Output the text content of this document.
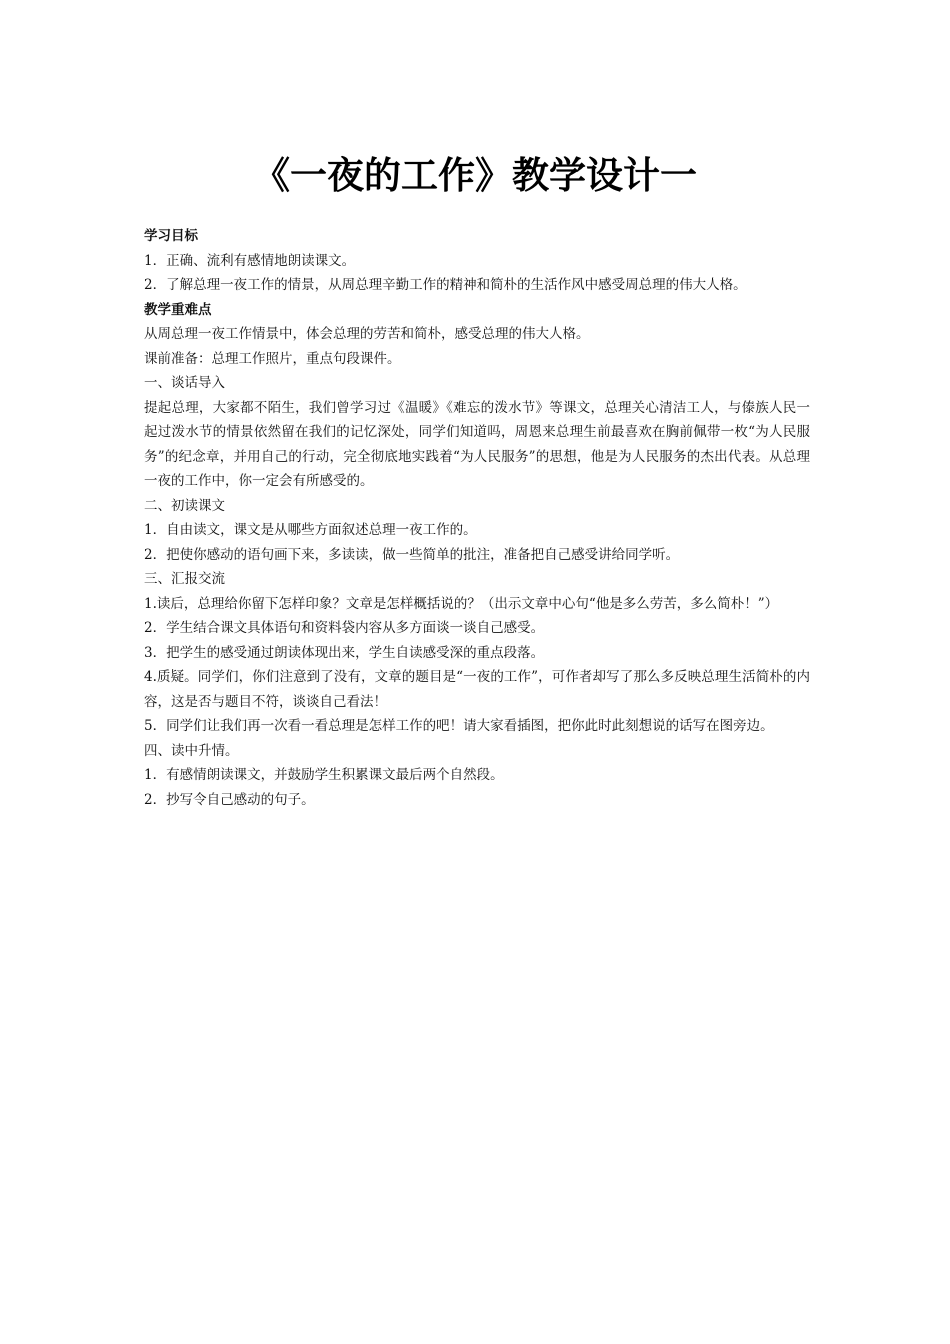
《一夜的工作》教学设计一

学习目标

1．正确、流利有感情地朗读课文。

2．了解总理一夜工作的情景，从周总理辛勤工作的精神和简朴的生活作风中感受周总理的伟大人格。

教学重难点

从周总理一夜工作情景中，体会总理的劳苦和简朴，感受总理的伟大人格。

课前准备：总理工作照片，重点句段课件。

一、谈话导入

提起总理，大家都不陌生，我们曾学习过《温暖》《难忘的泼水节》等课文，总理关心清洁工人，与傣族人民一起过泼水节的情景依然留在我们的记忆深处，同学们知道吗，周恩来总理生前最喜欢在胸前佩带一枚“为人民服务”的纪念章，并用自己的行动，完全彻底地实践着“为人民服务”的思想，他是为人民服务的杰出代表。从总理一夜的工作中，你一定会有所感受的。

二、初读课文

1．自由读文，课文是从哪些方面叙述总理一夜工作的。

2．把使你感动的语句画下来，多读读，做一些简单的批注，准备把自己感受讲给同学听。

三、汇报交流

1.读后，总理给你留下怎样印象？文章是怎样概括说的？（出示文章中心句“他是多么劳苦，多么简朴！”）

2．学生结合课文具体语句和资料袋内容从多方面谈一谈自己感受。

3．把学生的感受通过朗读体现出来，学生自读感受深的重点段落。

4.质疑。同学们，你们注意到了没有，文章的题目是“一夜的工作”，可作者却写了那么多反映总理生活简朴的内容，这是否与题目不符，谈谈自己看法！

5．同学们让我们再一次看一看总理是怎样工作的吧！请大家看插图，把你此时此刻想说的话写在图旁边。

四、读中升情。

1．有感情朗读课文，并鼓励学生积累课文最后两个自然段。

2．抄写令自己感动的句子。
